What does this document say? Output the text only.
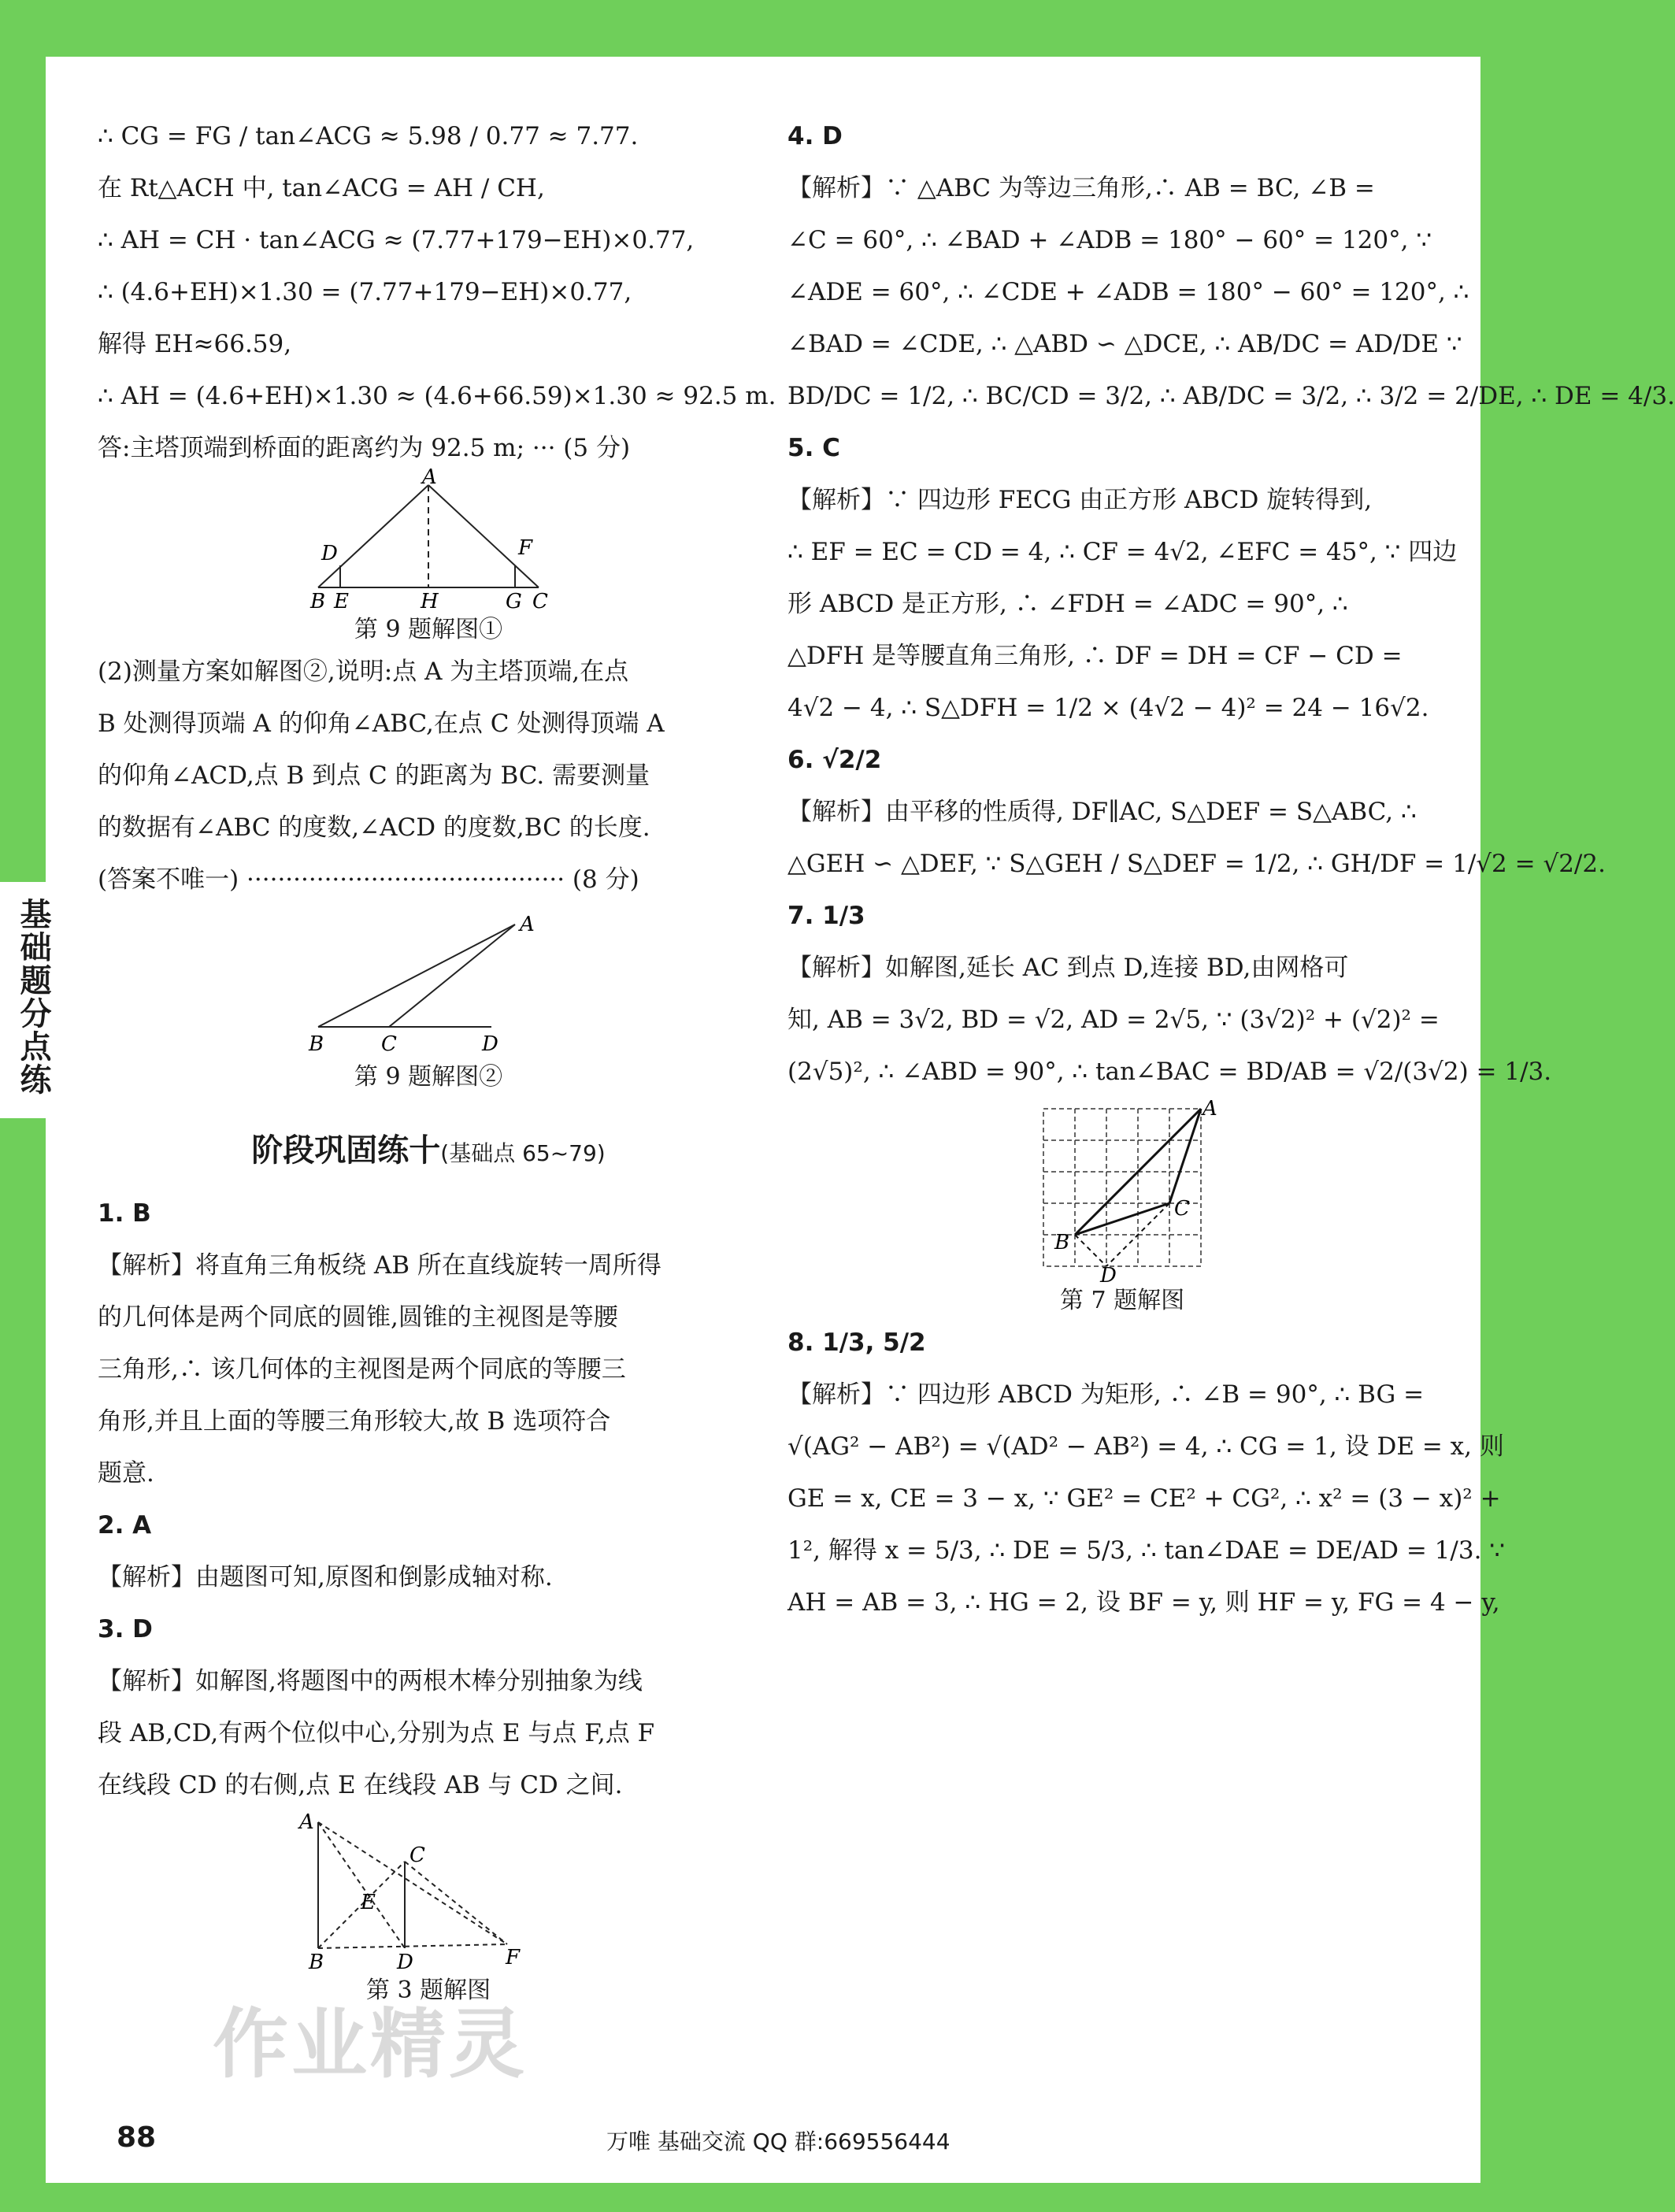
基础题分点练
∴ CG = FG / tan∠ACG ≈ 5.98 / 0.77 ≈ 7.77.
在 Rt△ACH 中, tan∠ACG = AH / CH,
∴ AH = CH · tan∠ACG ≈ (7.77+179−EH)×0.77,
∴ (4.6+EH)×1.30 = (7.77+179−EH)×0.77,
解得 EH≈66.59,
∴ AH = (4.6+EH)×1.30 ≈ (4.6+66.59)×1.30 ≈ 92.5 m.
答:主塔顶端到桥面的距离约为 92.5 m; ··· (5 分)
A
D	F
B E	H	G C
第 9 题解图①
(2)测量方案如解图②,说明:点 A 为主塔顶端,在点
B 处测得顶端 A 的仰角∠ABC,在点 C 处测得顶端 A
的仰角∠ACD,点 B 到点 C 的距离为 BC. 需要测量
的数据有∠ABC 的度数,∠ACD 的度数,BC 的长度.
(答案不唯一) ········································· (8 分)
A
B	C	D
第 9 题解图②
阶段巩固练十(基础点 65~79)
1. B
【解析】将直角三角板绕 AB 所在直线旋转一周所得
的几何体是两个同底的圆锥,圆锥的主视图是等腰
三角形,∴ 该几何体的主视图是两个同底的等腰三
角形,并且上面的等腰三角形较大,故 B 选项符合
题意.
2. A
【解析】由题图可知,原图和倒影成轴对称.
3. D
【解析】如解图,将题图中的两根木棒分别抽象为线
段 AB,CD,有两个位似中心,分别为点 E 与点 F,点 F
在线段 CD 的右侧,点 E 在线段 AB 与 CD 之间.
A
C
E
B	D	F
第 3 题解图
4. D
【解析】∵ △ABC 为等边三角形,∴ AB = BC, ∠B =
∠C = 60°, ∴ ∠BAD + ∠ADB = 180° − 60° = 120°, ∵
∠ADE = 60°, ∴ ∠CDE + ∠ADB = 180° − 60° = 120°, ∴
∠BAD = ∠CDE, ∴ △ABD ∽ △DCE, ∴ AB/DC = AD/DE ∵
BD/DC = 1/2, ∴ BC/CD = 3/2, ∴ AB/DC = 3/2, ∴ 3/2 = 2/DE, ∴ DE = 4/3.
5. C
【解析】∵ 四边形 FECG 由正方形 ABCD 旋转得到,
∴ EF = EC = CD = 4, ∴ CF = 4√2, ∠EFC = 45°, ∵ 四边
形 ABCD 是正方形, ∴ ∠FDH = ∠ADC = 90°, ∴
△DFH 是等腰直角三角形, ∴ DF = DH = CF − CD =
4√2 − 4, ∴ S△DFH = 1/2 × (4√2 − 4)² = 24 − 16√2.
6. √2/2
【解析】由平移的性质得, DF∥AC, S△DEF = S△ABC, ∴
△GEH ∽ △DEF, ∵ S△GEH / S△DEF = 1/2, ∴ GH/DF = 1/√2 = √2/2.
7. 1/3
【解析】如解图,延长 AC 到点 D,连接 BD,由网格可
知, AB = 3√2, BD = √2, AD = 2√5, ∵ (3√2)² + (√2)² =
(2√5)², ∴ ∠ABD = 90°, ∴ tan∠BAC = BD/AB = √2/(3√2) = 1/3.
A
C
B
D
第 7 题解图
8. 1/3, 5/2
【解析】∵ 四边形 ABCD 为矩形, ∴ ∠B = 90°, ∴ BG =
√(AG² − AB²) = √(AD² − AB²) = 4, ∴ CG = 1, 设 DE = x, 则
GE = x, CE = 3 − x, ∵ GE² = CE² + CG², ∴ x² = (3 − x)² +
1², 解得 x = 5/3, ∴ DE = 5/3, ∴ tan∠DAE = DE/AD = 1/3. ∵
AH = AB = 3, ∴ HG = 2, 设 BF = y, 则 HF = y, FG = 4 − y,
作业精灵
88	万唯 基础交流 QQ 群:669556444
